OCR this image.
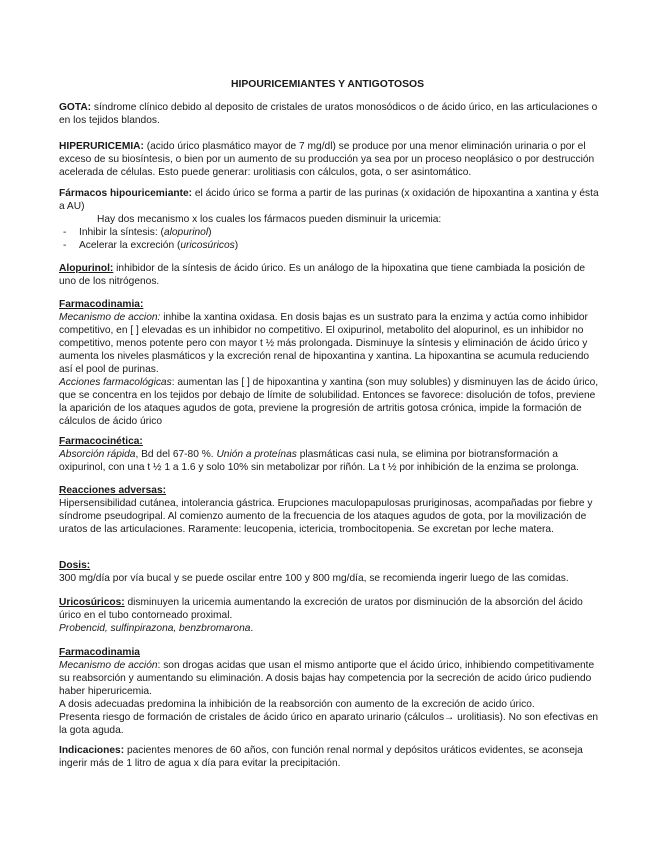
HIPOURICEMIANTES Y ANTIGOTOSOS

GOTA: síndrome clínico debido al deposito de cristales de uratos monosódicos o de ácido úrico, en las articulaciones o en los tejidos blandos.

HIPERURICEMIA: (acido úrico plasmático mayor de 7 mg/dl) se produce por una menor eliminación urinaria o por el exceso de su biosíntesis, o bien por un aumento de su producción ya sea por un proceso neoplásico o por destrucción acelerada de células. Esto puede generar: urolitiasis con cálculos, gota, o ser asintomático.

Fármacos hipouricemiante: el ácido úrico se forma a partir de las purinas (x oxidación de hipoxantina a xantina y ésta a AU)

Hay dos mecanismo x los cuales los fármacos pueden disminuir la uricemia:

-	Inhibir la síntesis: (alopurinol)
-	Acelerar la excreción (uricosúricos)

Alopurinol: inhibidor de la síntesis de ácido úrico. Es un análogo de la hipoxatina que tiene cambiada la posición de uno de los nitrógenos.

Farmacodinamia:

Mecanismo de accion: inhibe la xantina oxidasa. En dosis bajas es un sustrato para la enzima y actúa como inhibidor competitivo, en [ ] elevadas es un inhibidor no competitivo. El oxipurinol, metabolito del alopurinol, es un inhibidor no competitivo, menos potente pero con mayor t ½ más prolongada. Disminuye la síntesis y eliminación de ácido úrico y aumenta los niveles plasmáticos y la excreción renal de hipoxantina y xantina. La hipoxantina se acumula reduciendo así el pool de purinas.

Acciones farmacológicas: aumentan las [ ] de hipoxantina y xantina (son muy solubles) y disminuyen las de ácido úrico, que se concentra en los tejidos por debajo de límite de solubilidad. Entonces se favorece: disolución de tofos, previene la aparición de los ataques agudos de gota, previene la progresión de artritis gotosa crónica, impide la formación de cálculos de ácido úrico

Farmacocinética:

Absorción rápida, Bd del 67-80 %. Unión a proteínas plasmáticas casi nula, se elimina por biotransformación a oxipurinol, con una t ½ 1 a 1.6 y solo 10% sin metabolizar por riñón. La t ½ por inhibición de la enzima se prolonga.

Reacciones adversas:

Hipersensibilidad cutánea, intolerancia gástrica. Erupciones maculopapulosas pruriginosas, acompañadas por fiebre y síndrome pseudogripal. Al comienzo aumento de la frecuencia de los ataques agudos de gota, por la movilización de uratos de las articulaciones. Raramente: leucopenia, ictericia, trombocitopenia. Se excretan por leche matera.

Dosis:

300 mg/día por vía bucal y se puede oscilar entre 100 y 800 mg/día, se recomienda ingerir luego de las comidas.

Uricosúricos: disminuyen la uricemia aumentando la excreción de uratos por disminución de la absorción del ácido úrico en el tubo contorneado proximal.

Probencid, sulfinpirazona, benzbromarona.

Farmacodinamia

Mecanismo de acción: son drogas acidas que usan el mismo antiporte que el ácido úrico, inhibiendo competitivamente su reabsorción y aumentando su eliminación. A dosis bajas hay competencia por la secreción de acido úrico pudiendo haber hiperuricemia.

A dosis adecuadas predomina la inhibición de la reabsorción con aumento de la excreción de acido úrico.

Presenta riesgo de formación de cristales de ácido úrico en aparato urinario (cálculos→ urolitiasis). No son efectivas en la gota aguda.

Indicaciones: pacientes menores de 60 años, con función renal normal y depósitos uráticos evidentes, se aconseja ingerir más de 1 litro de agua x día para evitar la precipitación.
